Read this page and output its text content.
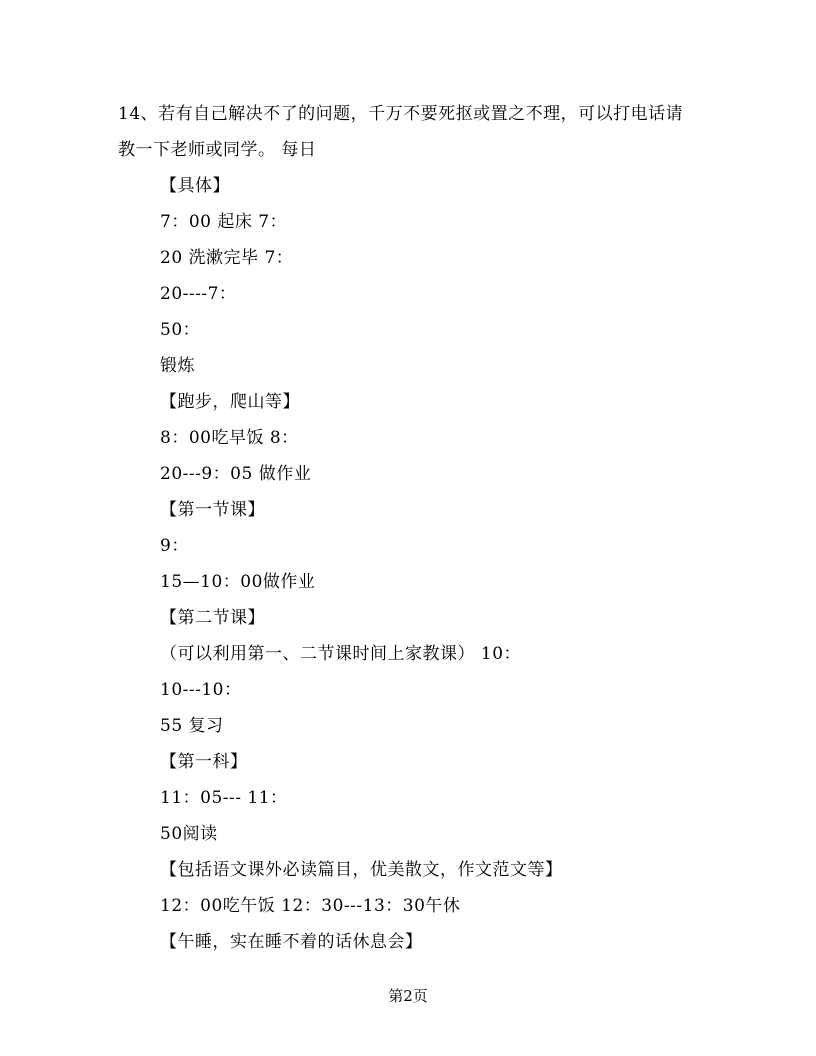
14、若有自己解决不了的问题，千万不要死抠或置之不理，可以打电话请教一下老师或同学。 每日

【具体】
7：00 起床 7：
20 洗漱完毕 7：
20----7：
50：
锻炼
【跑步，爬山等】
8：00吃早饭 8：
20---9：05 做作业
【第一节课】
9：
15—10：00做作业
【第二节课】
（可以利用第一、二节课时间上家教课） 10：
10---10：
55 复习
【第一科】
11：05--- 11：
50阅读
【包括语文课外必读篇目，优美散文，作文范文等】
12：00吃午饭 12：30---13：30午休
【午睡，实在睡不着的话休息会】
第2页
